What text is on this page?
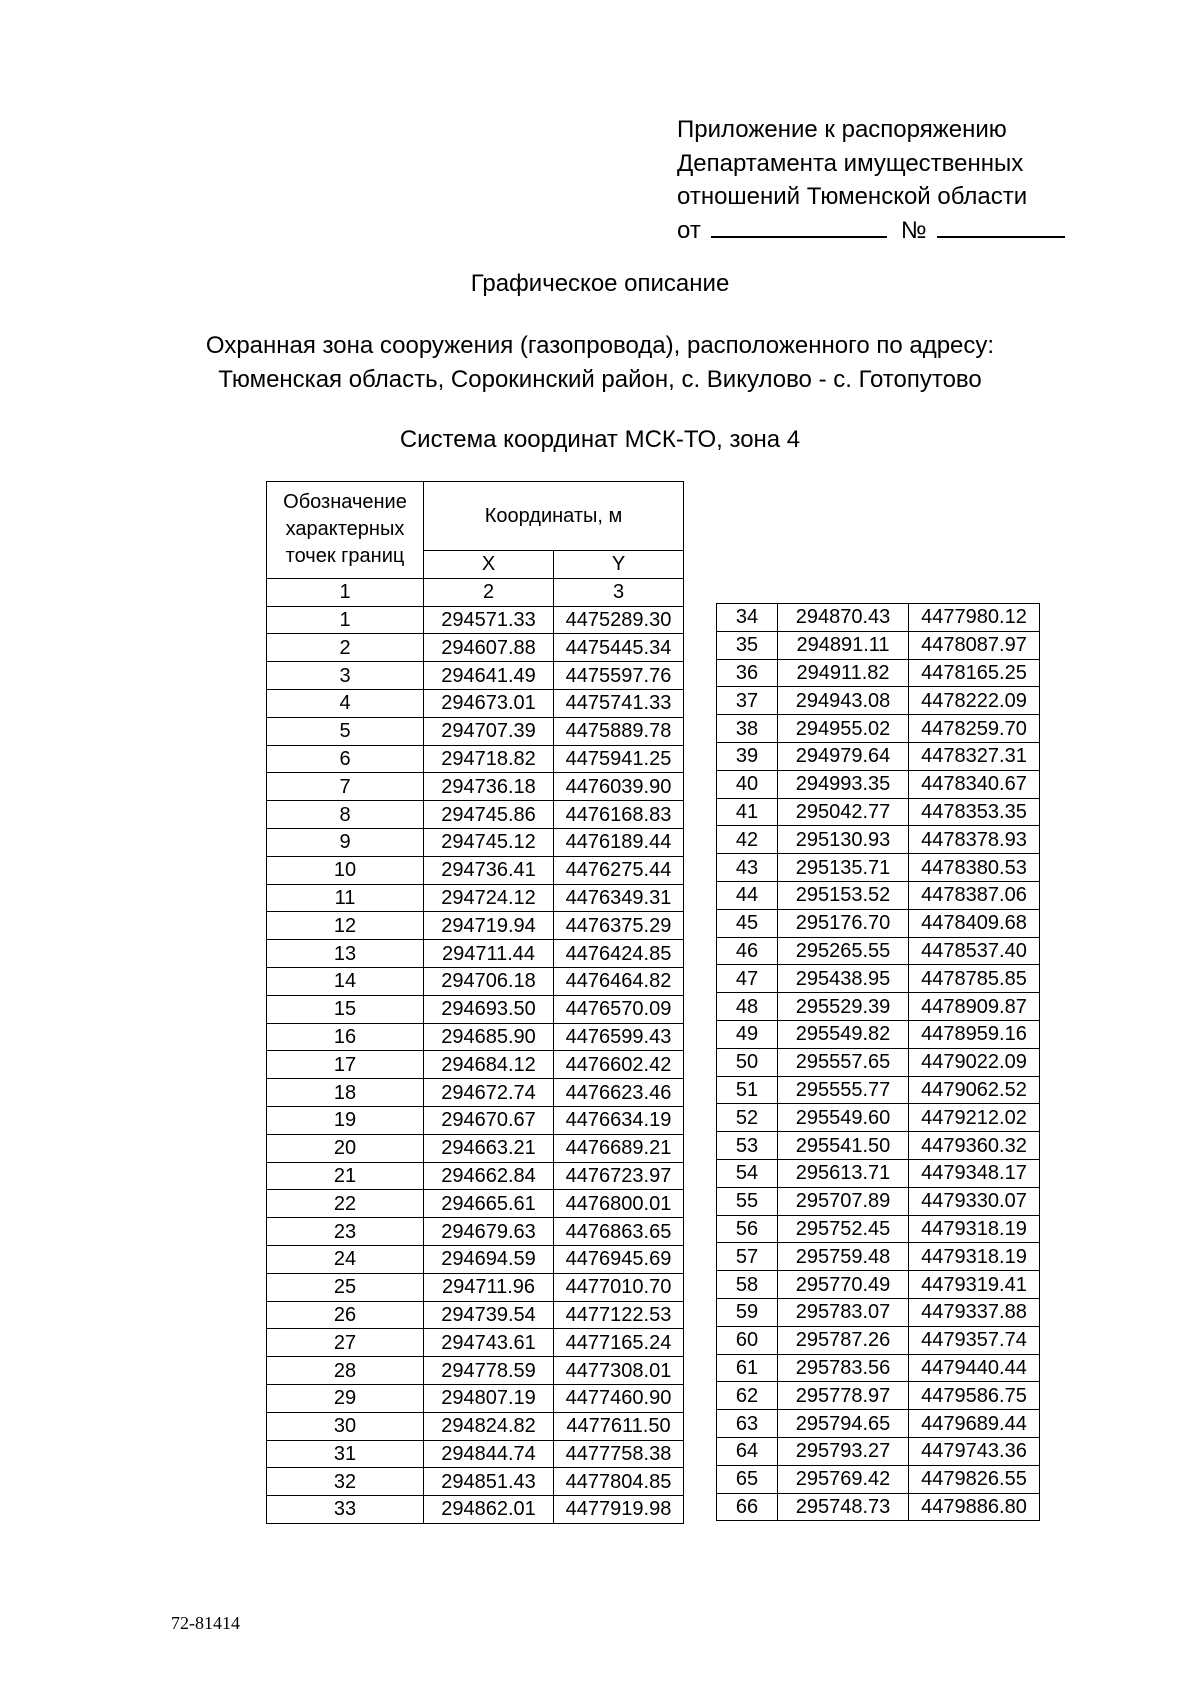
Приложение к распоряжению
Департамента имущественных
отношений Тюменской области
от	№
Графическое описание
Охранная зона сооружения (газопровода), расположенного по адресу:
Тюменская область, Сорокинский район, с. Викулово - с. Готопутово
Система координат МСК-ТО, зона 4
Обозначение характерных точек границ	Координаты, м	
	X	Y
1	2	3
1	294571.33	4475289.30
2	294607.88	4475445.34
3	294641.49	4475597.76
4	294673.01	4475741.33
5	294707.39	4475889.78
6	294718.82	4475941.25
7	294736.18	4476039.90
8	294745.86	4476168.83
9	294745.12	4476189.44
10	294736.41	4476275.44
11	294724.12	4476349.31
12	294719.94	4476375.29
13	294711.44	4476424.85
14	294706.18	4476464.82
15	294693.50	4476570.09
16	294685.90	4476599.43
17	294684.12	4476602.42
18	294672.74	4476623.46
19	294670.67	4476634.19
20	294663.21	4476689.21
21	294662.84	4476723.97
22	294665.61	4476800.01
23	294679.63	4476863.65
24	294694.59	4476945.69
25	294711.96	4477010.70
26	294739.54	4477122.53
27	294743.61	4477165.24
28	294778.59	4477308.01
29	294807.19	4477460.90
30	294824.82	4477611.50
31	294844.74	4477758.38
32	294851.43	4477804.85
33	294862.01	4477919.98
34	294870.43	4477980.12
35	294891.11	4478087.97
36	294911.82	4478165.25
37	294943.08	4478222.09
38	294955.02	4478259.70
39	294979.64	4478327.31
40	294993.35	4478340.67
41	295042.77	4478353.35
42	295130.93	4478378.93
43	295135.71	4478380.53
44	295153.52	4478387.06
45	295176.70	4478409.68
46	295265.55	4478537.40
47	295438.95	4478785.85
48	295529.39	4478909.87
49	295549.82	4478959.16
50	295557.65	4479022.09
51	295555.77	4479062.52
52	295549.60	4479212.02
53	295541.50	4479360.32
54	295613.71	4479348.17
55	295707.89	4479330.07
56	295752.45	4479318.19
57	295759.48	4479318.19
58	295770.49	4479319.41
59	295783.07	4479337.88
60	295787.26	4479357.74
61	295783.56	4479440.44
62	295778.97	4479586.75
63	295794.65	4479689.44
64	295793.27	4479743.36
65	295769.42	4479826.55
66	295748.73	4479886.80
72-81414
